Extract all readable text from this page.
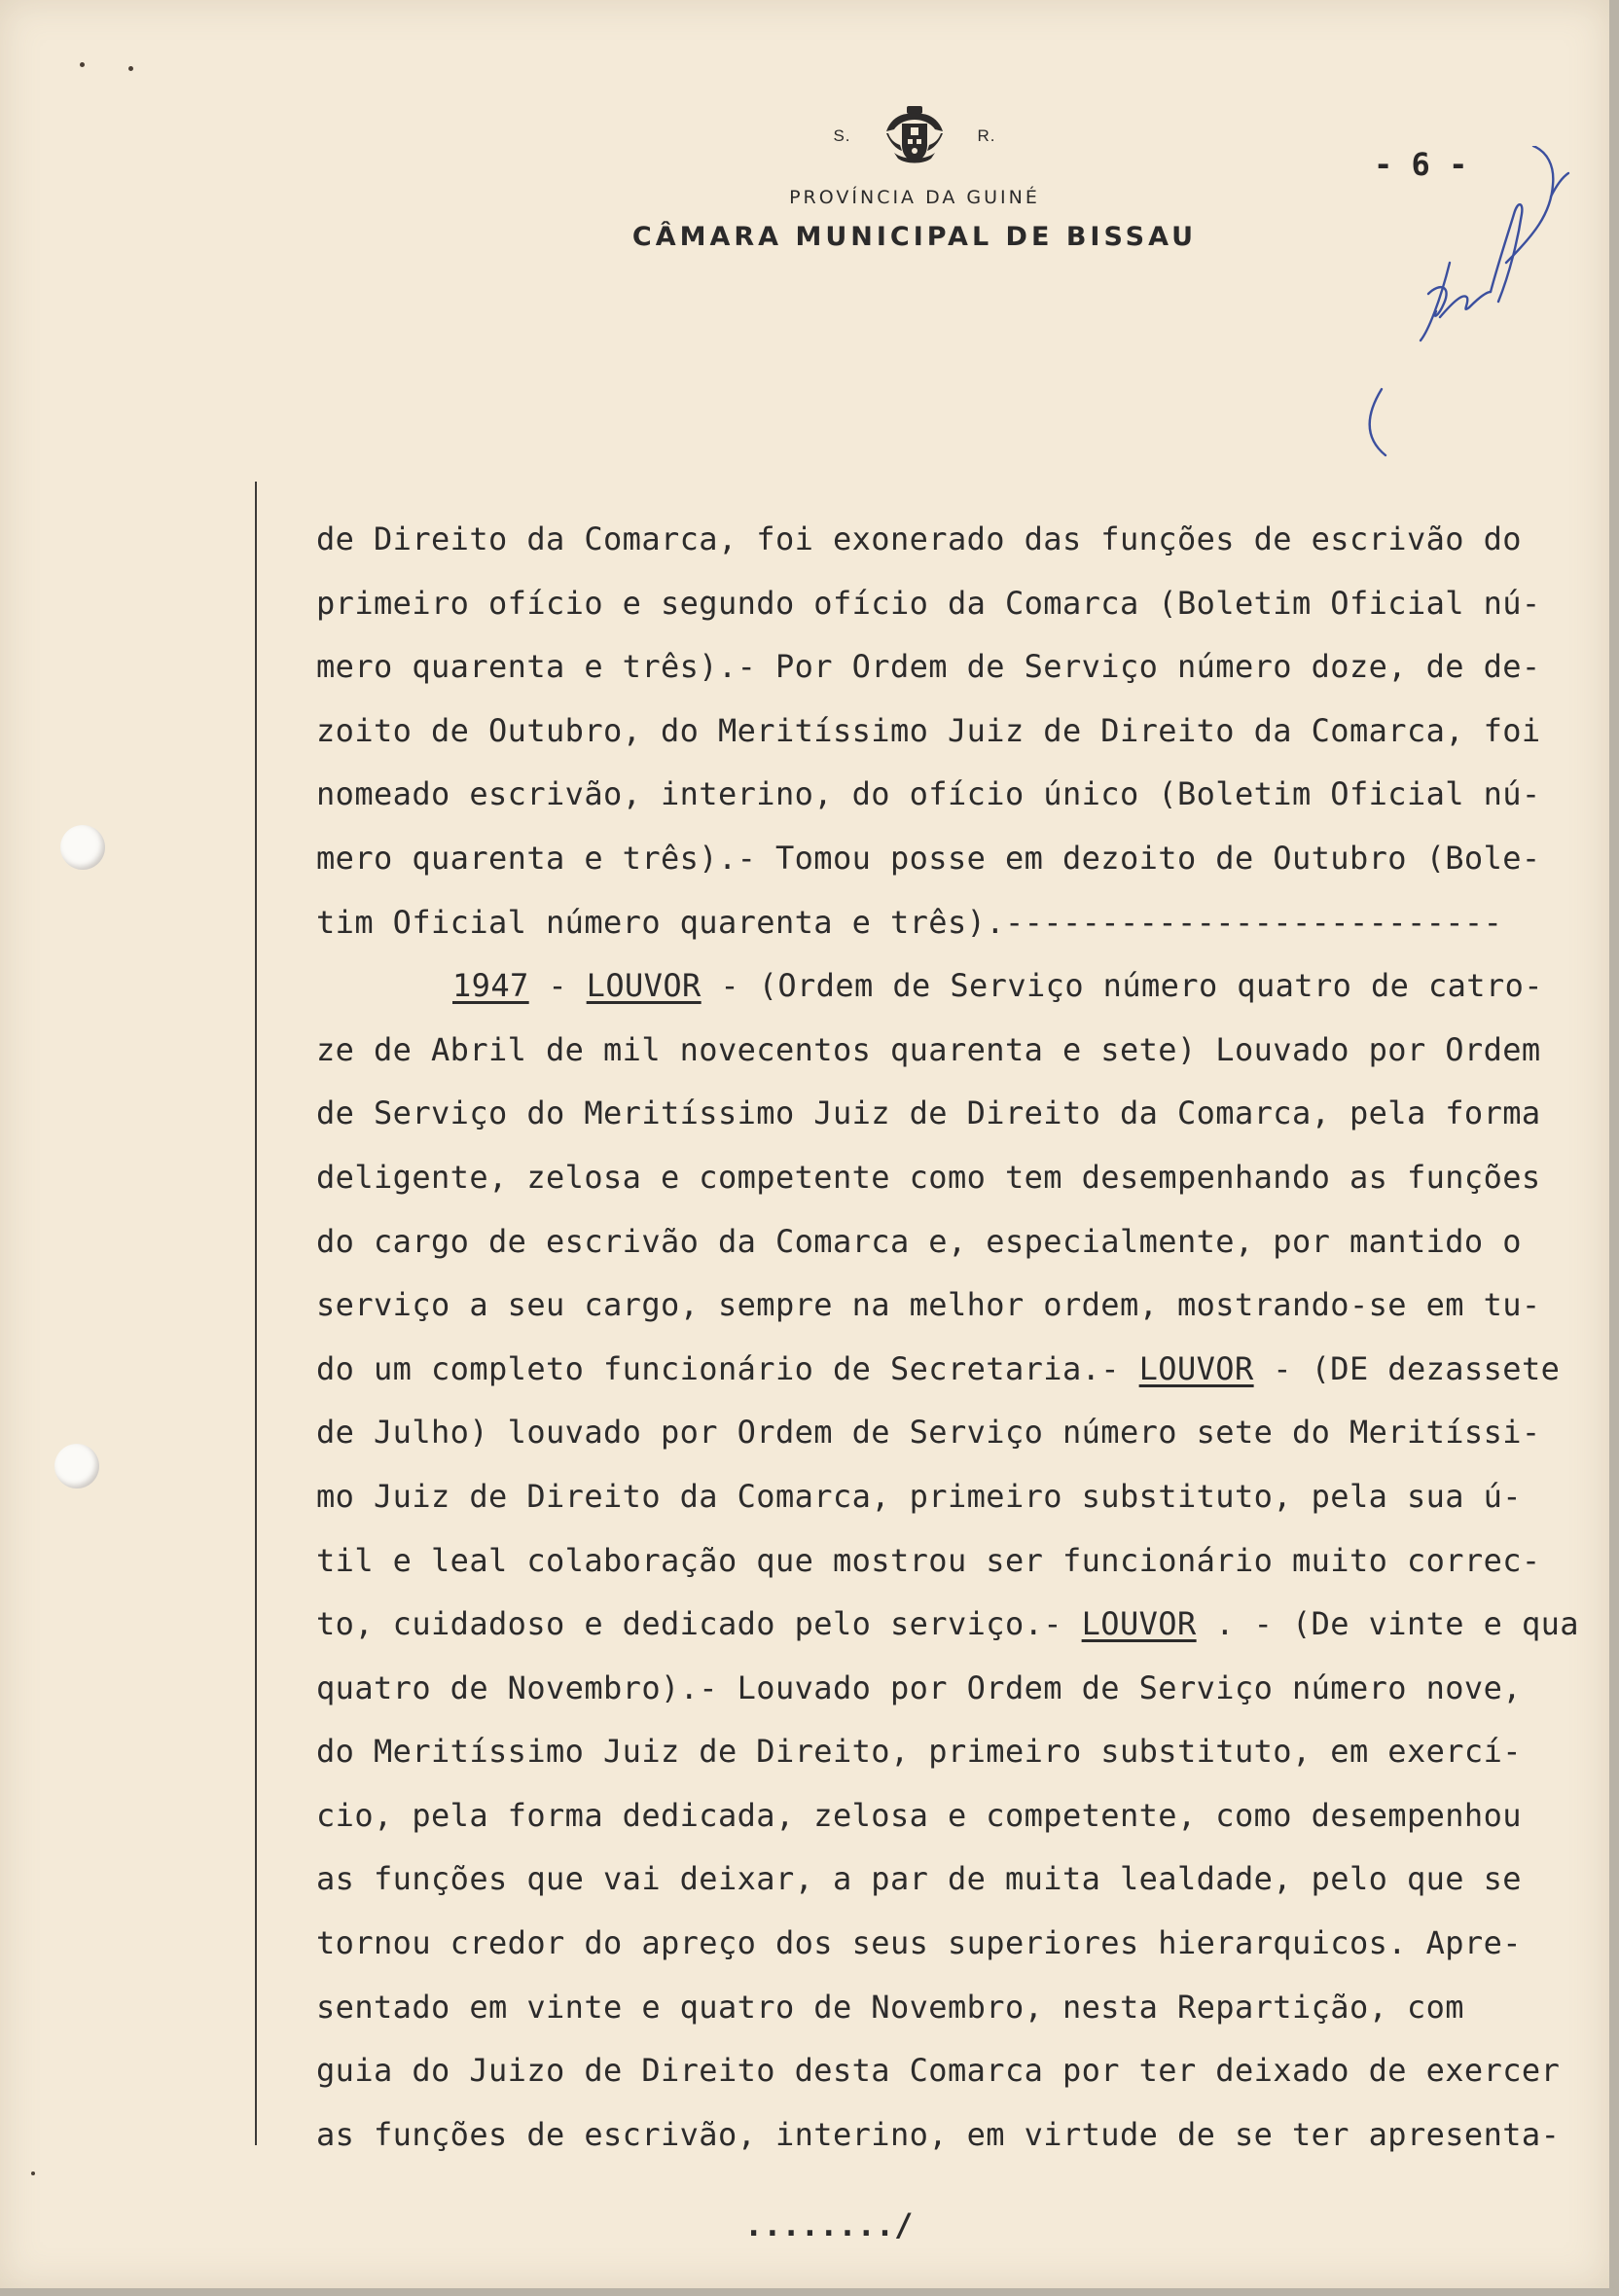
S.	R.
PROVÍNCIA DA GUINÉ
CÂMARA MUNICIPAL DE BISSAU
- 6 -
de Direito da Comarca, foi exonerado das funções de escrivão do
primeiro ofício e segundo ofício da Comarca (Boletim Oficial nú-
mero quarenta e três).- Por Ordem de Serviço número doze, de de-
zoito de Outubro, do Meritíssimo Juiz de Direito da Comarca, foi
nomeado escrivão, interino, do ofício único (Boletim Oficial nú-
mero quarenta e três).- Tomou posse em dezoito de Outubro (Bole-
tim Oficial número quarenta e três).--------------------------
1947 - LOUVOR - (Ordem de Serviço número quatro de catro-
ze de Abril de mil novecentos quarenta e sete) Louvado por Ordem
de Serviço do Meritíssimo Juiz de Direito da Comarca, pela forma
deligente, zelosa e competente como tem desempenhando as funções
do cargo de escrivão da Comarca e, especialmente, por mantido o
serviço a seu cargo, sempre na melhor ordem, mostrando-se em tu-
do um completo funcionário de Secretaria.- LOUVOR - (DE dezassete
de Julho) louvado por Ordem de Serviço número sete do Meritíssi-
mo Juiz de Direito da Comarca, primeiro substituto, pela sua ú-
til e leal colaboração que mostrou ser funcionário muito correc-
to, cuidadoso e dedicado pelo serviço.- LOUVOR . - (De vinte e qua
quatro de Novembro).- Louvado por Ordem de Serviço número nove,
do Meritíssimo Juiz de Direito, primeiro substituto, em exercí-
cio, pela forma dedicada, zelosa e competente, como desempenhou
as funções que vai deixar, a par de muita lealdade, pelo que se
tornou credor do apreço dos seus superiores hierarquicos. Apre-
sentado em vinte e quatro de Novembro, nesta Repartição, com
guia do Juizo de Direito desta Comarca por ter deixado de exercer
as funções de escrivão, interino, em virtude de se ter apresenta-
......../
